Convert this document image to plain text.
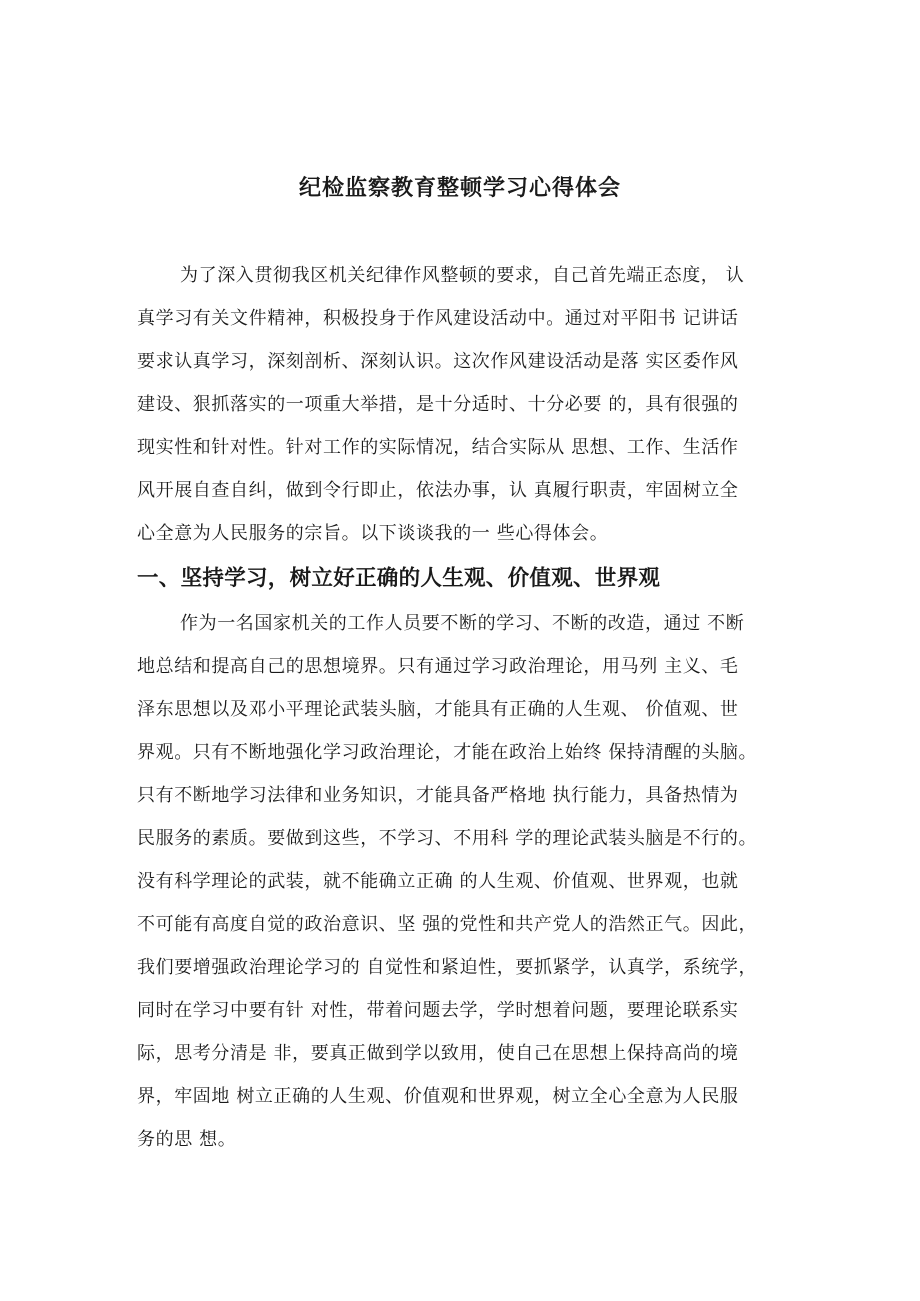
纪检监察教育整顿学习心得体会
为了深入贯彻我区机关纪律作风整顿的要求，自己首先端正态度， 认
真学习有关文件精神，积极投身于作风建设活动中。通过对平阳书 记讲话
要求认真学习，深刻剖析、深刻认识。这次作风建设活动是落 实区委作风
建设、狠抓落实的一项重大举措，是十分适时、十分必要 的，具有很强的
现实性和针对性。针对工作的实际情况，结合实际从 思想、工作、生活作
风开展自查自纠，做到令行即止，依法办事，认 真履行职责，牢固树立全
心全意为人民服务的宗旨。以下谈谈我的一 些心得体会。
一、坚持学习，树立好正确的人生观、价值观、世界观
作为一名国家机关的工作人员要不断的学习、不断的改造，通过 不断
地总结和提高自己的思想境界。只有通过学习政治理论，用马列 主义、毛
泽东思想以及邓小平理论武装头脑，才能具有正确的人生观、 价值观、世
界观。只有不断地强化学习政治理论，才能在政治上始终 保持清醒的头脑。
只有不断地学习法律和业务知识，才能具备严格地 执行能力，具备热情为
民服务的素质。要做到这些，不学习、不用科 学的理论武装头脑是不行的。
没有科学理论的武装，就不能确立正确 的人生观、价值观、世界观，也就
不可能有高度自觉的政治意识、坚 强的党性和共产党人的浩然正气。因此，
我们要增强政治理论学习的 自觉性和紧迫性，要抓紧学，认真学，系统学，
同时在学习中要有针 对性，带着问题去学，学时想着问题，要理论联系实
际，思考分清是 非，要真正做到学以致用，使自己在思想上保持高尚的境
界，牢固地 树立正确的人生观、价值观和世界观，树立全心全意为人民服
务的思 想。
